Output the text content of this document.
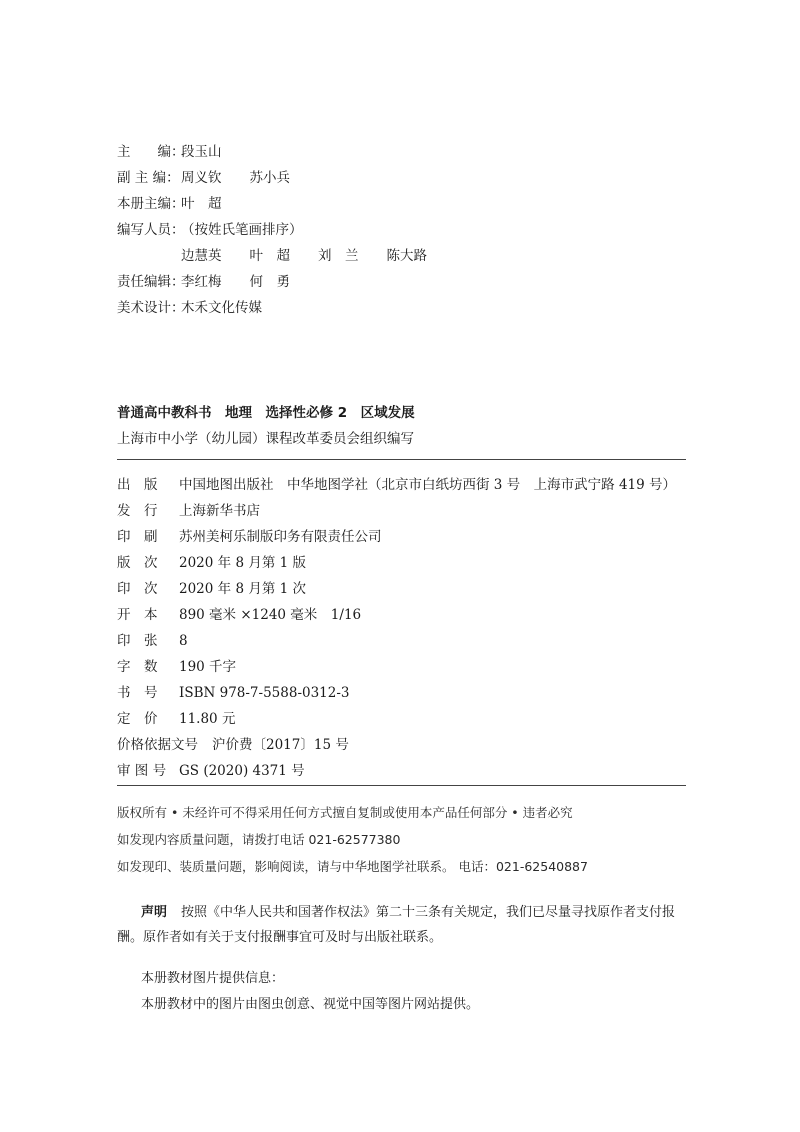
主　　编：段玉山
副 主 编：周义钦 苏小兵
本册主编：叶　超
编写人员：（按姓氏笔画排序）
边慧英 叶　超 刘　兰 陈大路
责任编辑：李红梅 何　勇
美术设计：木禾文化传媒
普通高中教科书　地理　选择性必修 2　区域发展
上海市中小学（幼儿园）课程改革委员会组织编写
出　版 中国地图出版社　中华地图学社（北京市白纸坊西街 3 号　上海市武宁路 419 号）
发　行 上海新华书店
印　刷 苏州美柯乐制版印务有限责任公司
版　次 2020 年 8 月第 1 版
印　次 2020 年 8 月第 1 次
开　本 890 毫米 ×1240 毫米　1/16
印　张 8
字　数 190 千字
书　号 ISBN 978-7-5588-0312-3
定　价 11.80 元
价格依据文号 沪价费〔2017〕15 号
审 图 号 GS (2020) 4371 号
版权所有 • 未经许可不得采用任何方式擅自复制或使用本产品任何部分 • 违者必究
如发现内容质量问题，请拨打电话 021-62577380
如发现印、装质量问题，影响阅读，请与中华地图学社联系。 电话：021-62540887
声明 按照《中华人民共和国著作权法》第二十三条有关规定，我们已尽量寻找原作者支付报酬。原作者如有关于支付报酬事宜可及时与出版社联系。
本册教材图片提供信息：
本册教材中的图片由图虫创意、视觉中国等图片网站提供。
